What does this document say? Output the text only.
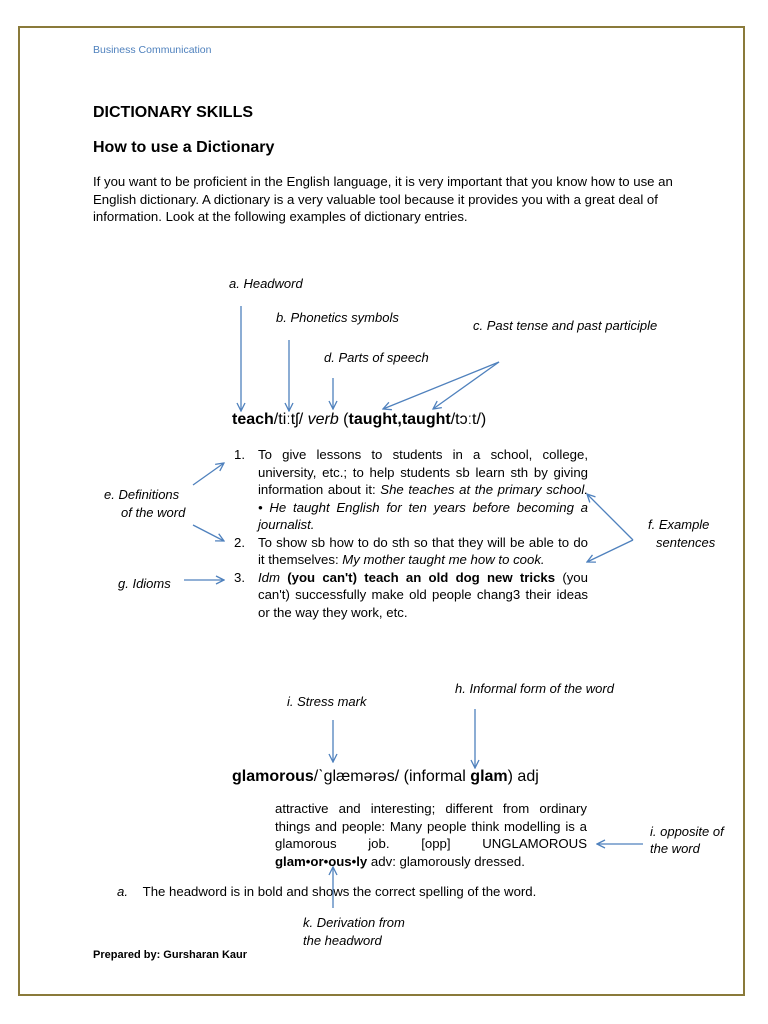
Business Communication
DICTIONARY SKILLS
How to use a Dictionary
If you want to be proficient in the English language, it is very important that you know how to use an English dictionary. A dictionary is a very valuable tool because it provides you with a great deal of information. Look at the following examples of dictionary entries.
a. Headword
b. Phonetics symbols
c. Past tense and past participle
d. Parts of speech
e. Definitions
of the word
f. Example
sentences
g. Idioms
h. Informal form of the word
i. Stress mark
i. opposite of
the word
k. Derivation from
the headword
teach/tiːtʃ/ verb (taught,taught/tɔːt/)
1. To give lessons to students in a school, college, university, etc.; to help students sb learn sth by giving information about it: She teaches at the primary school. • He taught English for ten years before becoming a journalist.
2. To show sb how to do sth so that they will be able to do it themselves: My mother taught me how to cook.
3. Idm (you can't) teach an old dog new tricks (you can't) successfully make old people chang3 their ideas or the way they work, etc.
glamorous/ˋglæmərəs/ (informal glam) adj
attractive and interesting; different from ordinary things and people: Many people think modelling is a glamorous job. [opp] UNGLAMOROUS glam•or•ous•ly adv: glamorously dressed.
a. The headword is in bold and shows the correct spelling of the word.
Prepared by: Gursharan Kaur
